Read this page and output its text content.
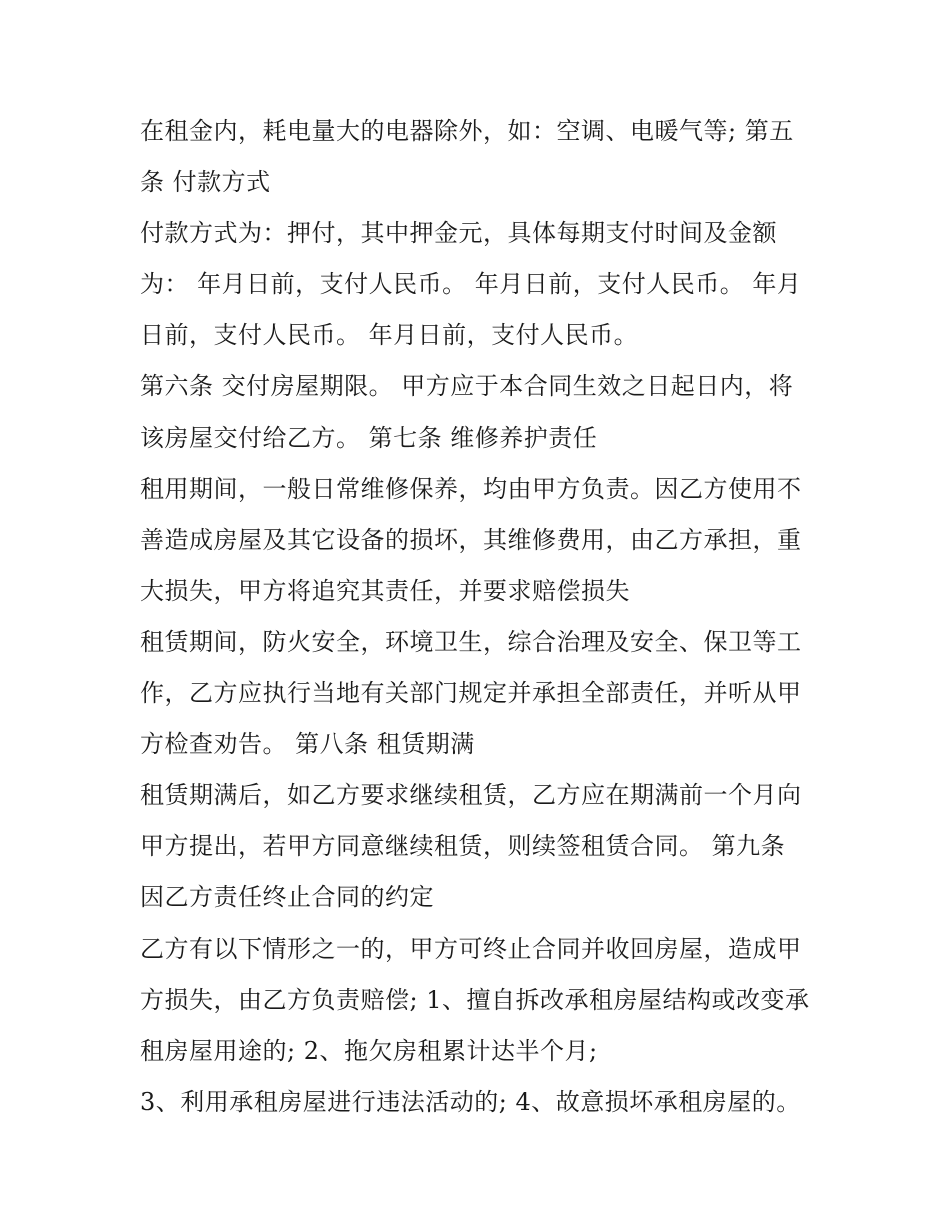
在租金内，耗电量大的电器除外，如：空调、电暖气等; 第五
条 付款方式
付款方式为：押付，其中押金元，具体每期支付时间及金额
为： 年月日前，支付人民币。 年月日前，支付人民币。 年月
日前，支付人民币。 年月日前，支付人民币。
第六条 交付房屋期限。 甲方应于本合同生效之日起日内，将
该房屋交付给乙方。 第七条 维修养护责任
租用期间，一般日常维修保养，均由甲方负责。因乙方使用不
善造成房屋及其它设备的损坏，其维修费用，由乙方承担，重
大损失，甲方将追究其责任，并要求赔偿损失
租赁期间，防火安全，环境卫生，综合治理及安全、保卫等工
作，乙方应执行当地有关部门规定并承担全部责任，并听从甲
方检查劝告。 第八条 租赁期满
租赁期满后，如乙方要求继续租赁，乙方应在期满前一个月向
甲方提出，若甲方同意继续租赁，则续签租赁合同。 第九条
因乙方责任终止合同的约定
乙方有以下情形之一的，甲方可终止合同并收回房屋，造成甲
方损失，由乙方负责赔偿; 1、擅自拆改承租房屋结构或改变承
租房屋用途的; 2、拖欠房租累计达半个月;
3、利用承租房屋进行违法活动的; 4、故意损坏承租房屋的。
